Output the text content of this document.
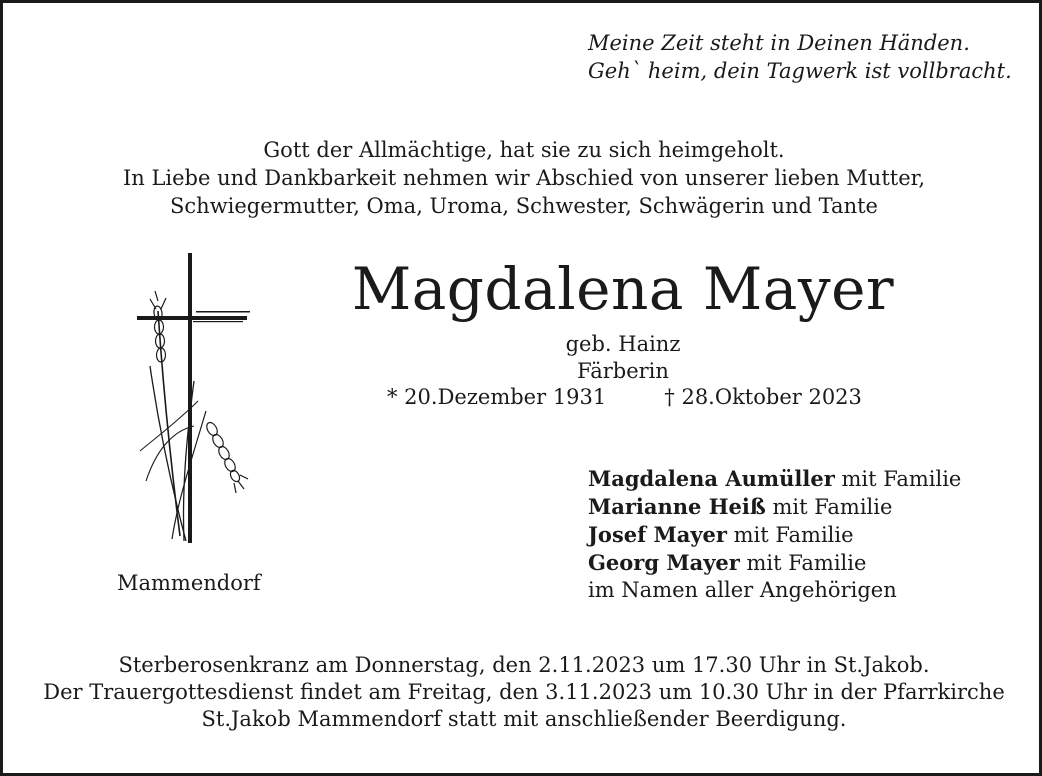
Meine Zeit steht in Deinen Händen.
Geh` heim, dein Tagwerk ist vollbracht.
Gott der Allmächtige, hat sie zu sich heimgeholt.
In Liebe und Dankbarkeit nehmen wir Abschied von unserer lieben Mutter,
Schwiegermutter, Oma, Uroma, Schwester, Schwägerin und Tante
Magdalena Mayer
geb. Hainz
Färberin
* 20.Dezember 1931	† 28.Oktober 2023
Magdalena Aumüller mit Familie
Marianne Heiß mit Familie
Josef Mayer mit Familie
Georg Mayer mit Familie
im Namen aller Angehörigen
Mammendorf
Sterberosenkranz am Donnerstag, den 2.11.2023 um 17.30 Uhr in St.Jakob.
Der Trauergottesdienst findet am Freitag, den 3.11.2023 um 10.30 Uhr in der Pfarrkirche
St.Jakob Mammendorf statt mit anschließender Beerdigung.
